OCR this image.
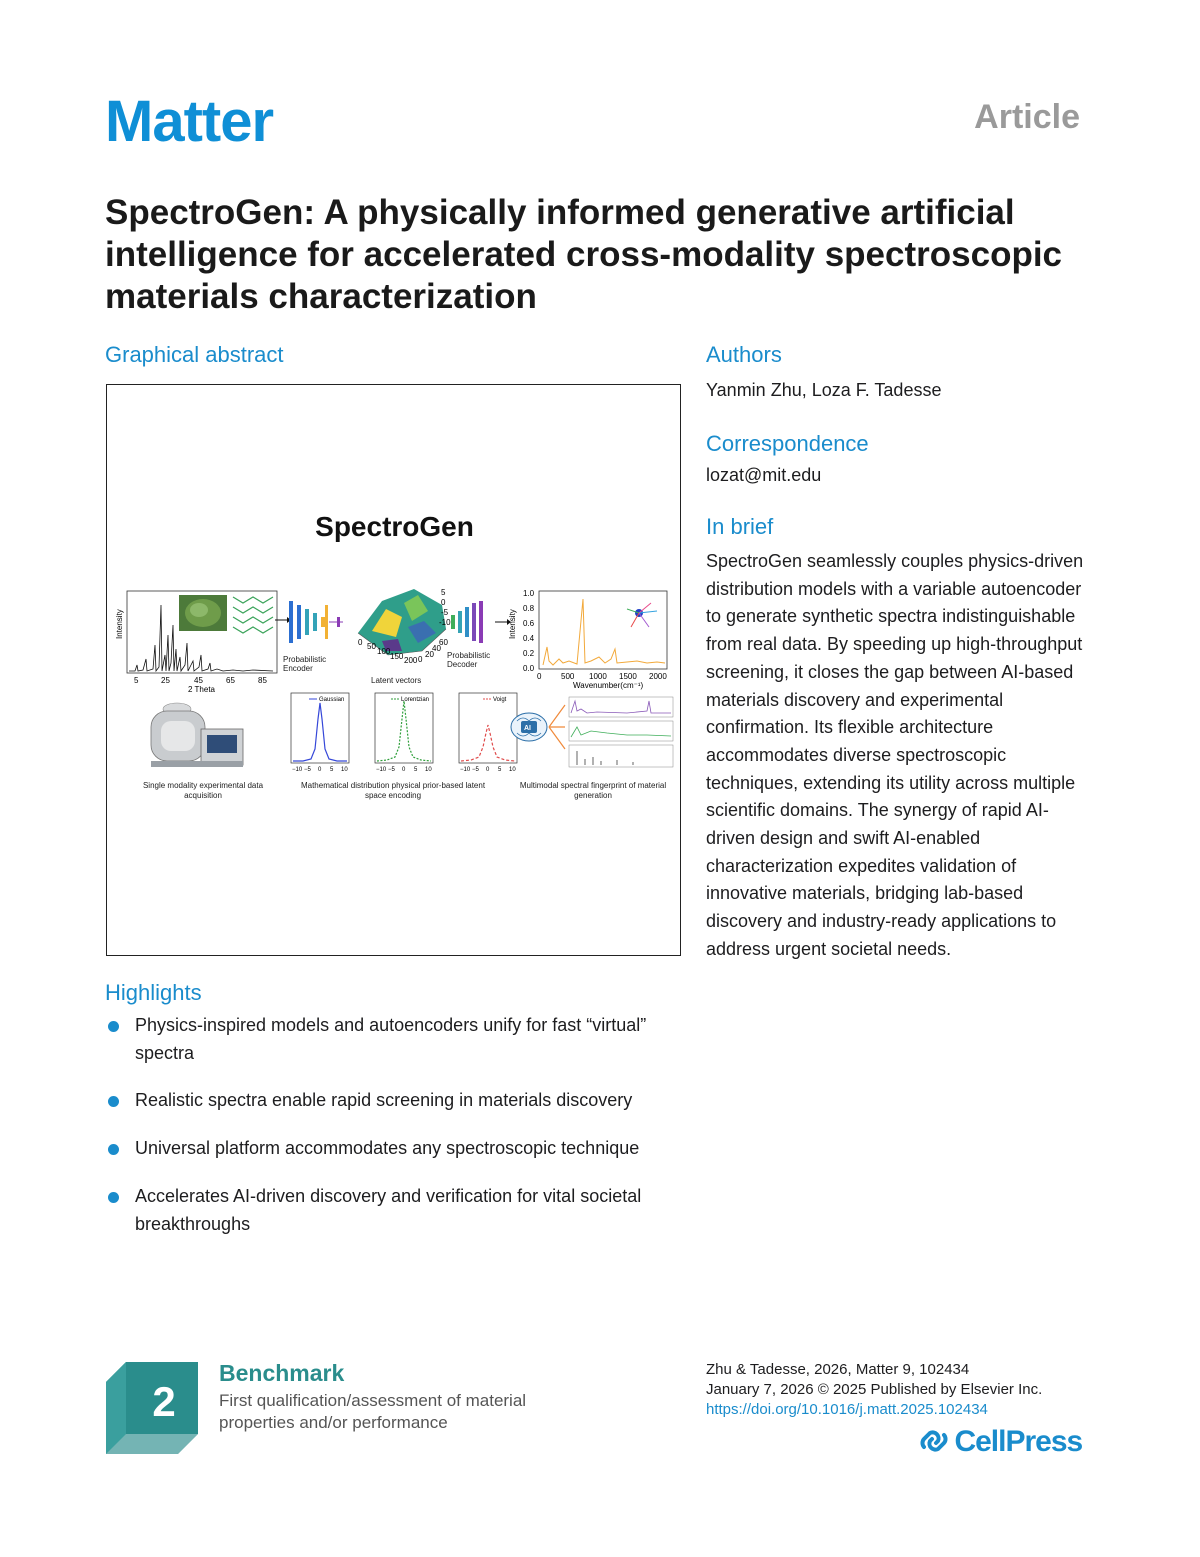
Matter	Article
SpectroGen: A physically informed generative artificial intelligence for accelerated cross-modality spectroscopic materials characterization
Graphical abstract
SpectroGen
Intensity
5	25	45	65	85
2 Theta
Probabilistic Encoder
0 50
100
150 200 0
20
40
60
5
0
-5
-10
Latent vectors
Probabilistic Decoder
Intensity
1.0
0.8
0.6
0.4
0.2
0.0
0 500 1000 1500 2000
Wavenumber(cm⁻¹)
Gaussian	Lorentzian	Voigt
−10 −5 0 5 10	−10 −5 0 5 10	−10 −5 0 5 10
AI
Single modality experimental data acquisition
Mathematical distribution physical prior-based latent space encoding
Multimodal spectral fingerprint of material generation
Authors
Yanmin Zhu, Loza F. Tadesse
Correspondence
lozat@mit.edu
In brief
SpectroGen seamlessly couples physics-driven distribution models with a variable autoencoder to generate synthetic spectra indistinguishable from real data. By speeding up high-throughput screening, it closes the gap between AI-based materials discovery and experimental confirmation. Its flexible architecture accommodates diverse spectroscopic techniques, extending its utility across multiple scientific domains. The synergy of rapid AI-driven design and swift AI-enabled characterization expedites validation of innovative materials, bridging lab-based discovery and industry-ready applications to address urgent societal needs.
Highlights
Physics-inspired models and autoencoders unify for fast “virtual” spectra
Realistic spectra enable rapid screening in materials discovery
Universal platform accommodates any spectroscopic technique
Accelerates AI-driven discovery and verification for vital societal breakthroughs
2
Benchmark
First qualification/assessment of material properties and/or performance
Zhu & Tadesse, 2026, Matter 9, 102434
January 7, 2026 © 2025 Published by Elsevier Inc.
https://doi.org/10.1016/j.matt.2025.102434
CellPress
